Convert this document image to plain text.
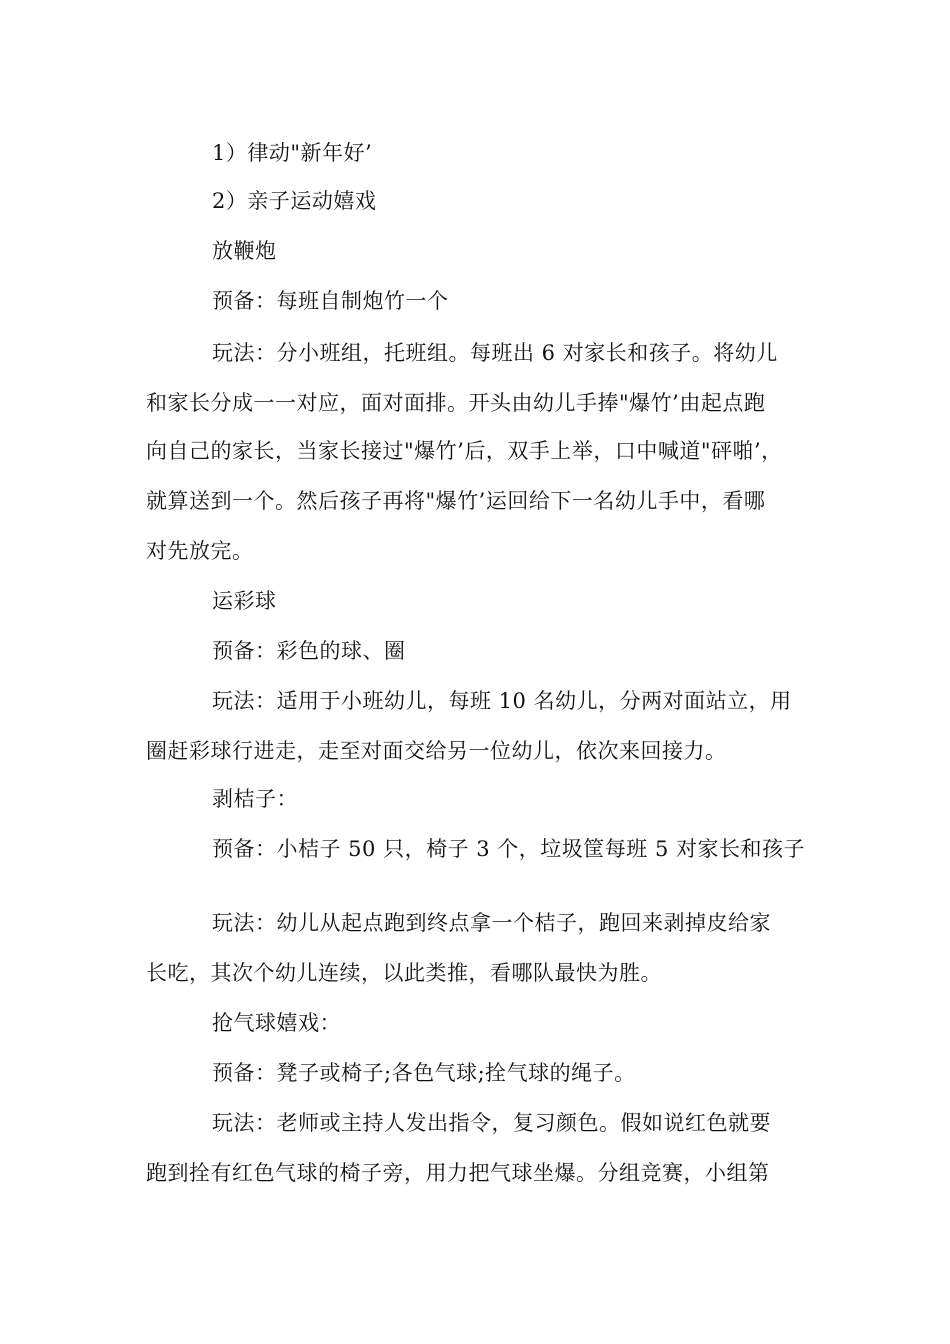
1）律动"新年好’
2）亲子运动嬉戏
放鞭炮
预备：每班自制炮竹一个
玩法：分小班组，托班组。每班出 6 对家长和孩子。将幼儿
和家长分成一一对应，面对面排。开头由幼儿手捧"爆竹’由起点跑
向自己的家长，当家长接过"爆竹’后，双手上举，口中喊道"砰啪’，
就算送到一个。然后孩子再将"爆竹’运回给下一名幼儿手中，看哪
对先放完。
运彩球
预备：彩色的球、圈
玩法：适用于小班幼儿，每班 10 名幼儿，分两对面站立，用
圈赶彩球行进走，走至对面交给另一位幼儿，依次来回接力。
剥桔子：
预备：小桔子 50 只，椅子 3 个，垃圾筐每班 5 对家长和孩子
玩法：幼儿从起点跑到终点拿一个桔子，跑回来剥掉皮给家
长吃，其次个幼儿连续，以此类推，看哪队最快为胜。
抢气球嬉戏：
预备：凳子或椅子;各色气球;拴气球的绳子。
玩法：老师或主持人发出指令，复习颜色。假如说红色就要
跑到拴有红色气球的椅子旁，用力把气球坐爆。分组竞赛，小组第
